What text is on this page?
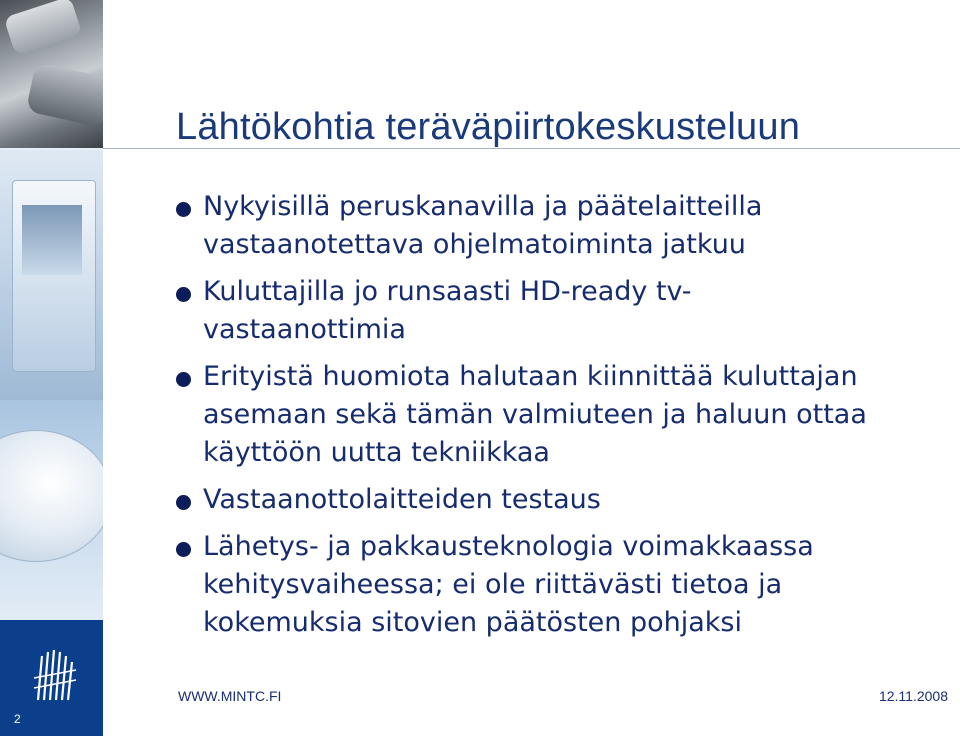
2
Lähtökohtia teräväpiirtokeskusteluun
Nykyisillä peruskanavilla ja päätelaitteilla
vastaanotettava ohjelmatoiminta jatkuu
Kuluttajilla jo runsaasti HD-ready tv-
vastaanottimia
Erityistä huomiota halutaan kiinnittää kuluttajan
asemaan sekä tämän valmiuteen ja haluun ottaa
käyttöön uutta tekniikkaa
Vastaanottolaitteiden testaus
Lähetys- ja pakkausteknologia voimakkaassa
kehitysvaiheessa; ei ole riittävästi tietoa ja
kokemuksia sitovien päätösten pohjaksi
WWW.MINTC.FI	12.11.2008
